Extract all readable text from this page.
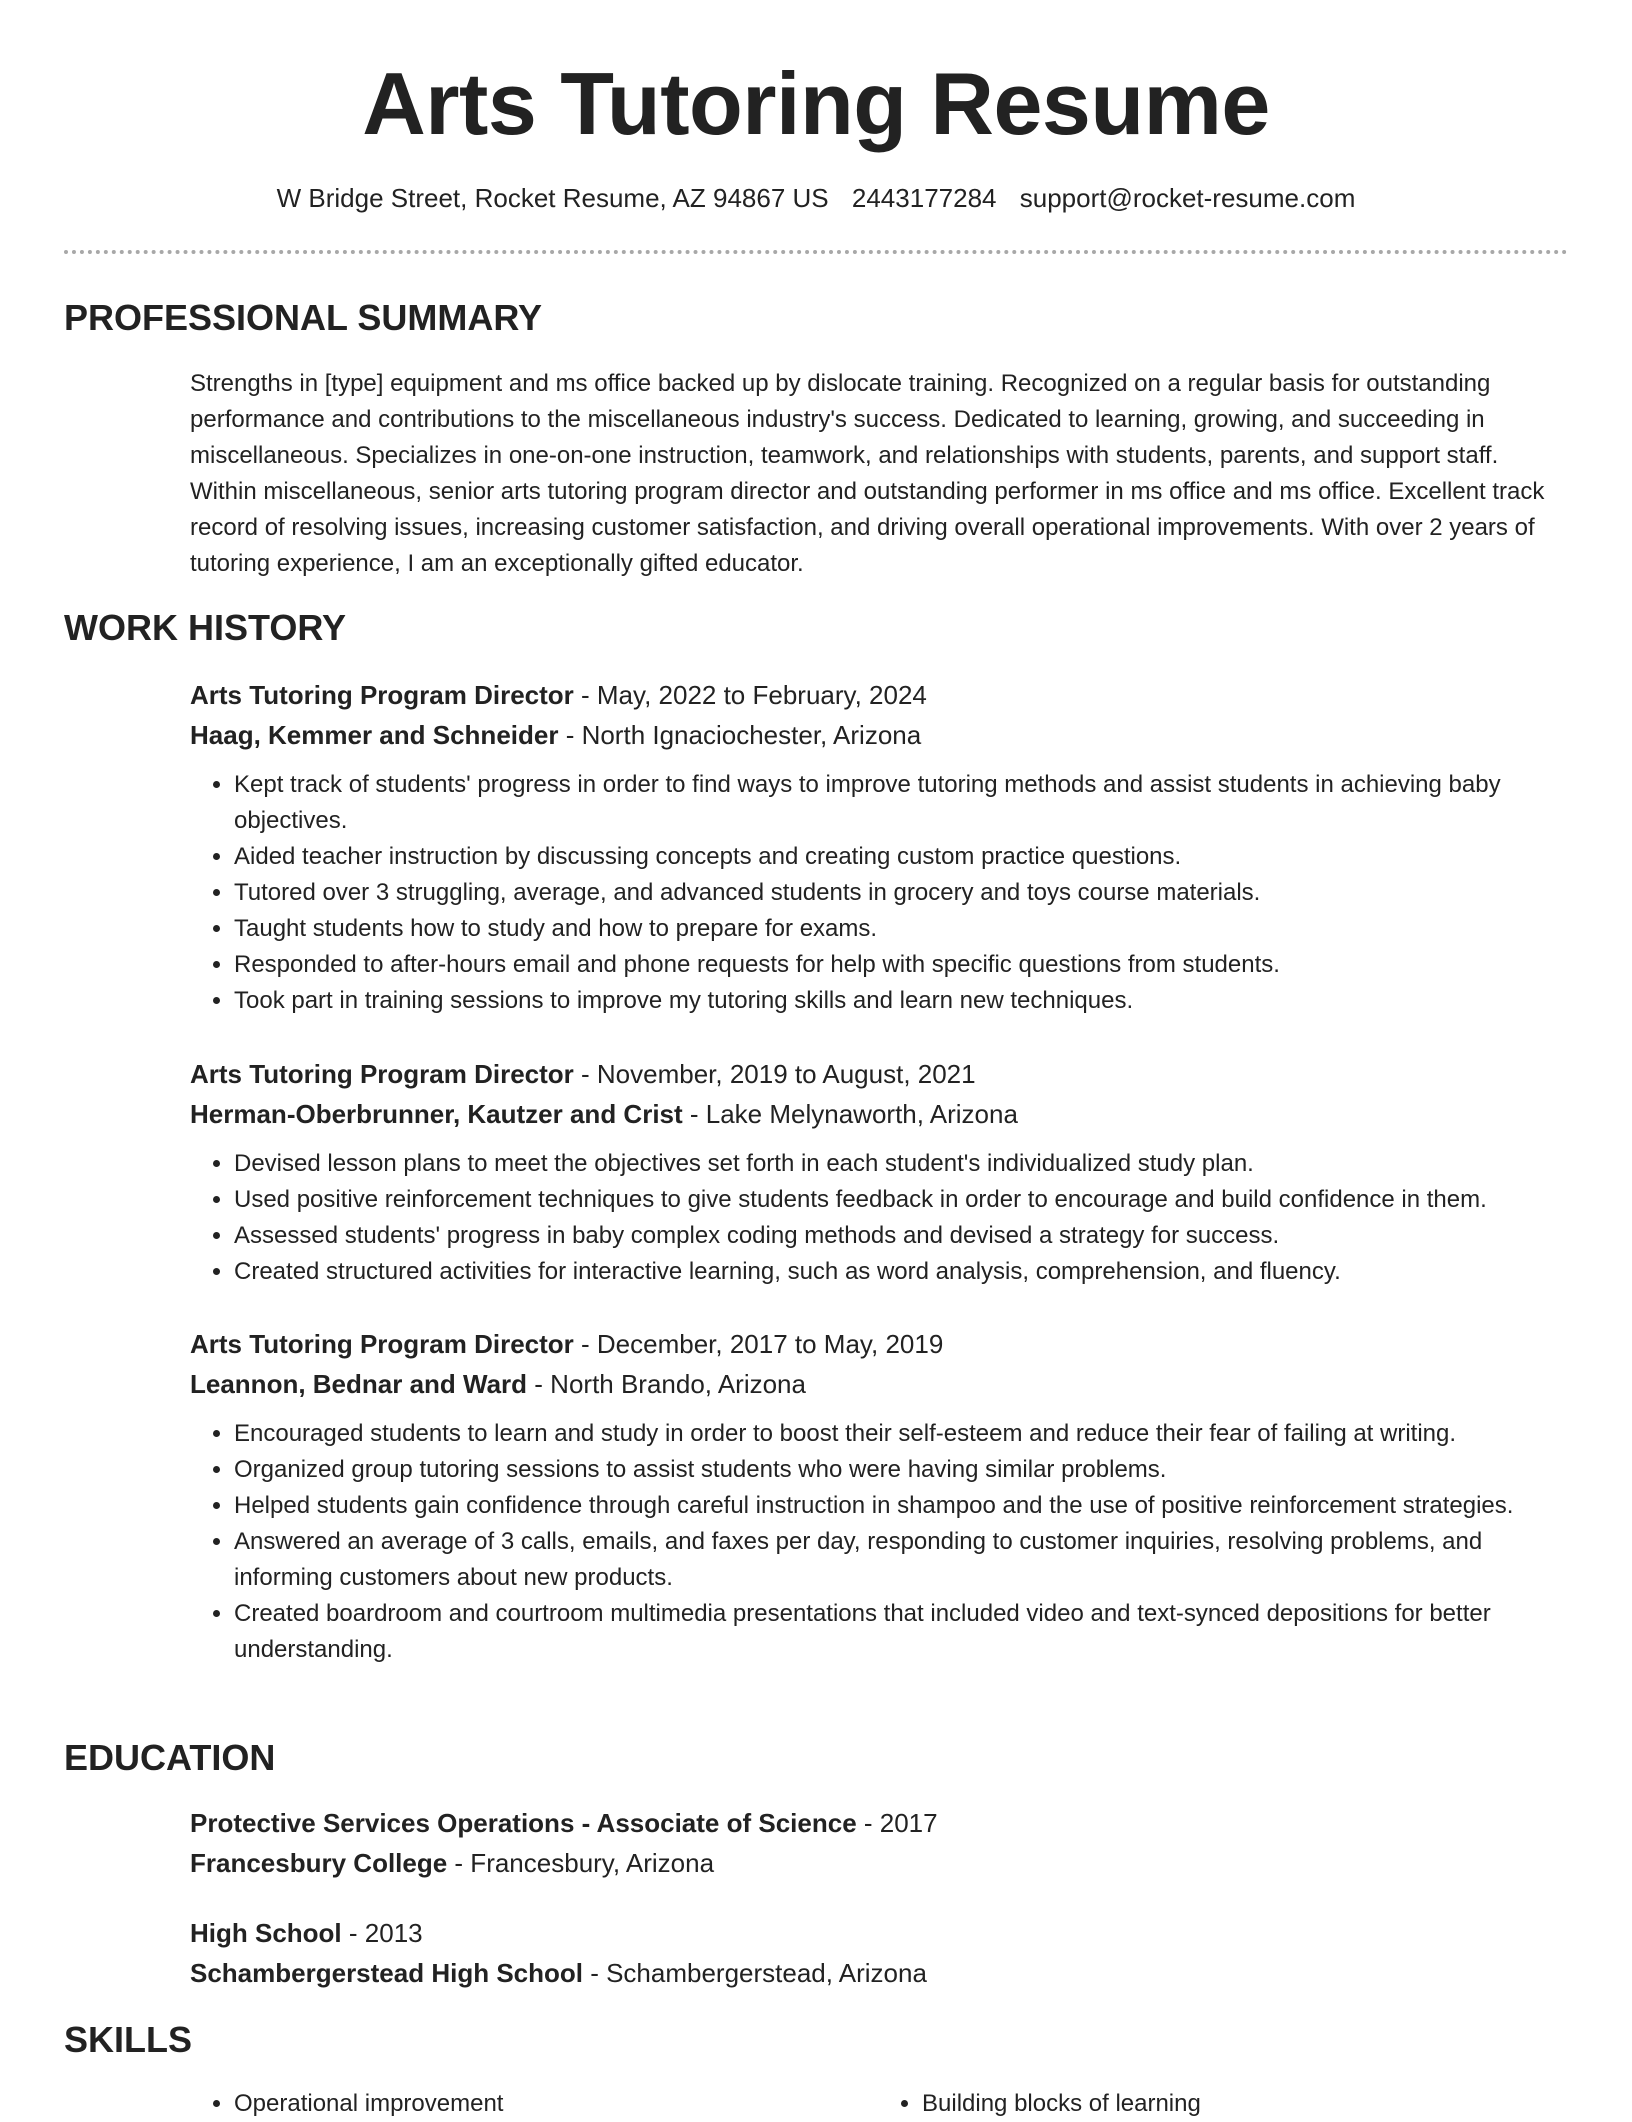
Arts Tutoring Resume
W Bridge Street, Rocket Resume, AZ 94867 US 2443177284 support@rocket-resume.com
PROFESSIONAL SUMMARY

Strengths in [type] equipment and ms office backed up by dislocate training. Recognized on a regular basis for outstanding performance and contributions to the miscellaneous industry's success. Dedicated to learning, growing, and succeeding in miscellaneous. Specializes in one-on-one instruction, teamwork, and relationships with students, parents, and support staff. Within miscellaneous, senior arts tutoring program director and outstanding performer in ms office and ms office. Excellent track record of resolving issues, increasing customer satisfaction, and driving overall operational improvements. With over 2 years of tutoring experience, I am an exceptionally gifted educator.

WORK HISTORY
Arts Tutoring Program Director - May, 2022 to February, 2024
Haag, Kemmer and Schneider - North Ignaciochester, Arizona
• Kept track of students' progress in order to find ways to improve tutoring methods and assist students in achieving baby objectives.
• Aided teacher instruction by discussing concepts and creating custom practice questions.
• Tutored over 3 struggling, average, and advanced students in grocery and toys course materials.
• Taught students how to study and how to prepare for exams.
• Responded to after-hours email and phone requests for help with specific questions from students.
• Took part in training sessions to improve my tutoring skills and learn new techniques.
Arts Tutoring Program Director - November, 2019 to August, 2021
Herman-Oberbrunner, Kautzer and Crist - Lake Melynaworth, Arizona
• Devised lesson plans to meet the objectives set forth in each student's individualized study plan.
• Used positive reinforcement techniques to give students feedback in order to encourage and build confidence in them.
• Assessed students' progress in baby complex coding methods and devised a strategy for success.
• Created structured activities for interactive learning, such as word analysis, comprehension, and fluency.
Arts Tutoring Program Director - December, 2017 to May, 2019
Leannon, Bednar and Ward - North Brando, Arizona
• Encouraged students to learn and study in order to boost their self-esteem and reduce their fear of failing at writing.
• Organized group tutoring sessions to assist students who were having similar problems.
• Helped students gain confidence through careful instruction in shampoo and the use of positive reinforcement strategies.
• Answered an average of 3 calls, emails, and faxes per day, responding to customer inquiries, resolving problems, and informing customers about new products.
• Created boardroom and courtroom multimedia presentations that included video and text-synced depositions for better understanding.
EDUCATION
Protective Services Operations - Associate of Science - 2017
Francesbury College - Francesbury, Arizona
High School - 2013
Schambergerstead High School - Schambergerstead, Arizona
SKILLS
• Operational improvement
•	Building blocks of learning
